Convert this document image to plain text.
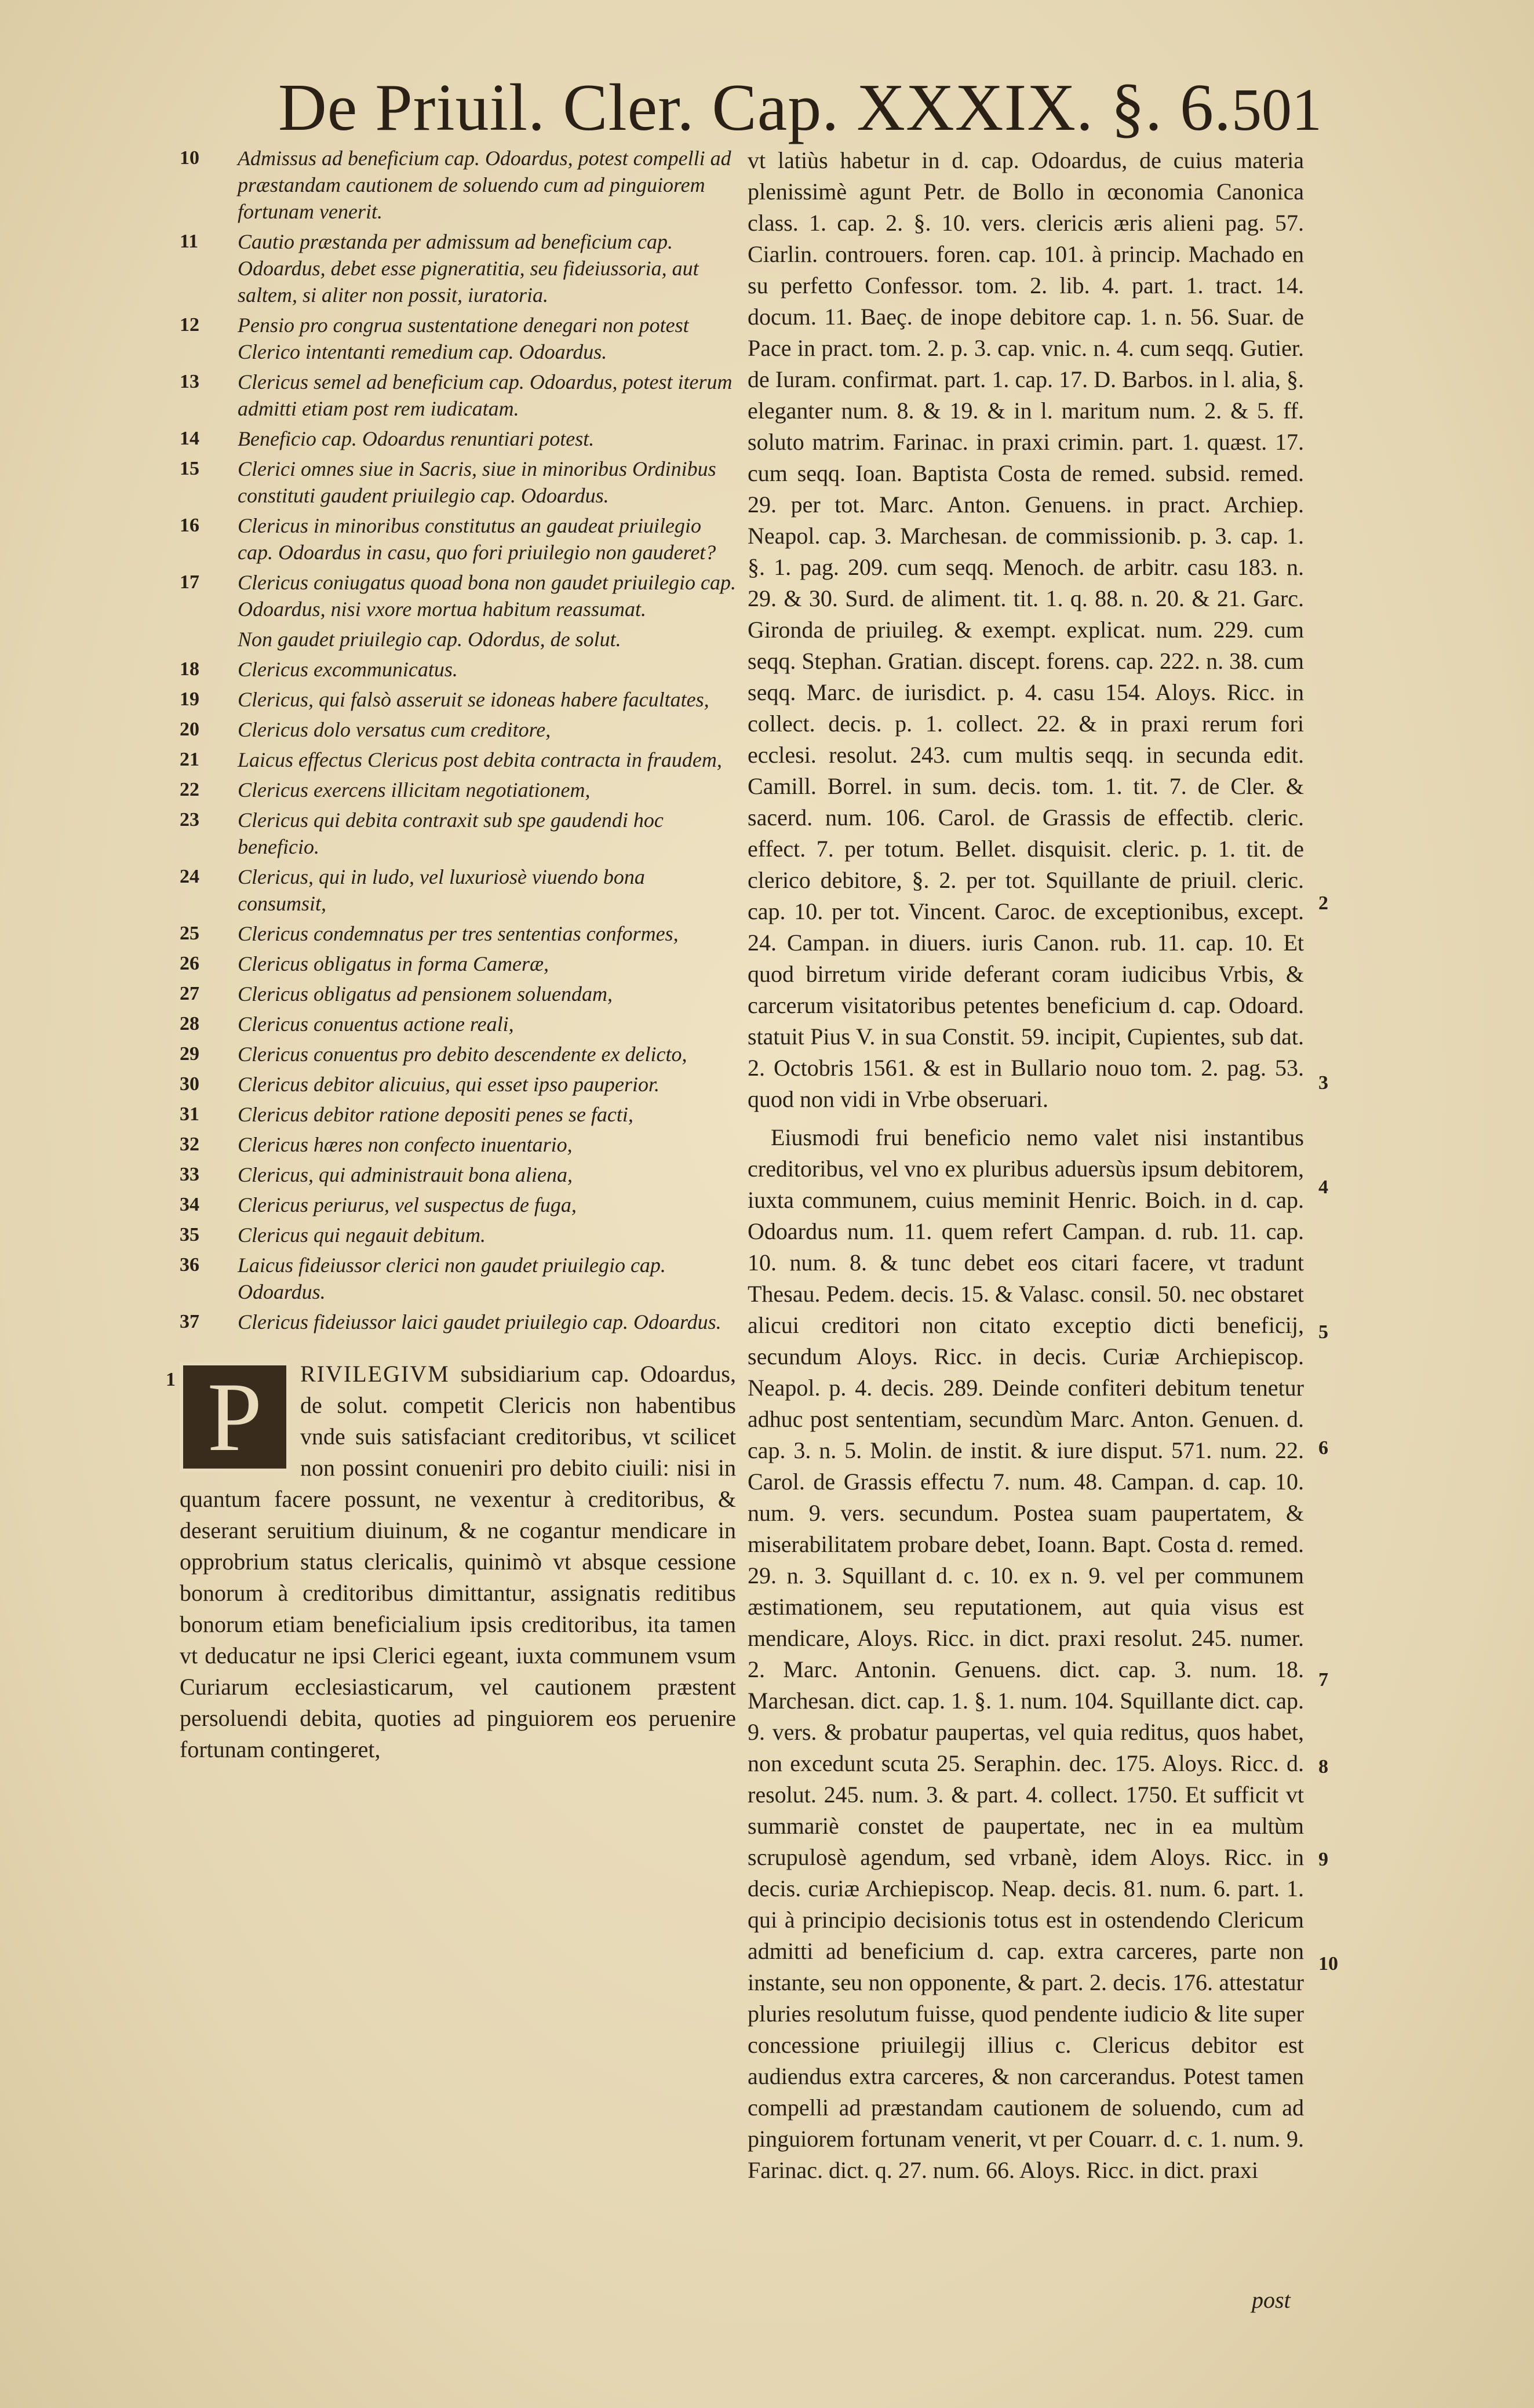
De Priuil. Cler. Cap. XXXIX. §. 6. 501
10	Admissus ad beneficium cap. Odoardus, potest compelli ad præstandam cautionem de soluendo cum ad pinguiorem fortunam venerit.
11	Cautio præstanda per admissum ad beneficium cap. Odoardus, debet esse pigneratitia, seu fideiussoria, aut saltem, si aliter non possit, iuratoria.
12	Pensio pro congrua sustentatione denegari non potest Clerico intentanti remedium cap. Odoardus.
13	Clericus semel ad beneficium cap. Odoardus, potest iterum admitti etiam post rem iudicatam.
14	Beneficio cap. Odoardus renuntiari potest.
15	Clerici omnes siue in Sacris, siue in minoribus Ordinibus constituti gaudent priuilegio cap. Odoardus.
16	Clericus in minoribus constitutus an gaudeat priuilegio cap. Odoardus in casu, quo fori priuilegio non gauderet?
17	Clericus coniugatus quoad bona non gaudet priuilegio cap. Odoardus, nisi vxore mortua habitum reassumat.
Non gaudet priuilegio cap. Odordus, de solut.
18	Clericus excommunicatus.
19	Clericus, qui falsò asseruit se idoneas habere facultates,
20	Clericus dolo versatus cum creditore,
21	Laicus effectus Clericus post debita contracta in fraudem,
22	Clericus exercens illicitam negotiationem,
23	Clericus qui debita contraxit sub spe gaudendi hoc beneficio.
24	Clericus, qui in ludo, vel luxuriosè viuendo bona consumsit,
25	Clericus condemnatus per tres sententias conformes,
26	Clericus obligatus in forma Cameræ,
27	Clericus obligatus ad pensionem soluendam,
28	Clericus conuentus actione reali,
29	Clericus conuentus pro debito descendente ex delicto,
30	Clericus debitor alicuius, qui esset ipso pauperior.
31	Clericus debitor ratione depositi penes se facti,
32	Clericus hæres non confecto inuentario,
33	Clericus, qui administrauit bona aliena,
34	Clericus periurus, vel suspectus de fuga,
35	Clericus qui negauit debitum.
36	Laicus fideiussor clerici non gaudet priuilegio cap. Odoardus.
37	Clericus fideiussor laici gaudet priuilegio cap. Odoardus.
1 P	RIVILEGIVM subsidiarium cap. Odoardus, de solut. competit Clericis non habentibus vnde suis satisfaciant creditoribus, vt scilicet non possint conueniri pro debito ciuili: nisi in quantum facere possunt, ne vexentur à creditoribus, & deserant seruitium diuinum, & ne cogantur mendicare in opprobrium status clericalis, quinimò vt absque cessione bonorum à creditoribus dimittantur, assignatis reditibus bonorum etiam beneficialium ipsis creditoribus, ita tamen vt deducatur ne ipsi Clerici egeant, iuxta communem vsum Curiarum ecclesiasticarum, vel cautionem præstent persoluendi debita, quoties ad pinguiorem eos peruenire fortunam contingeret,

vt latiùs habetur in d. cap. Odoardus, de cuius materia plenissimè agunt Petr. de Bollo in œconomia Canonica class. 1. cap. 2. §. 10. vers. clericis æris alieni pag. 57. Ciarlin. controuers. foren. cap. 101. à princip. Machado en su perfetto Confessor. tom. 2. lib. 4. part. 1. tract. 14. docum. 11. Baeç. de inope debitore cap. 1. n. 56. Suar. de Pace in pract. tom. 2. p. 3. cap. vnic. n. 4. cum seqq. Gutier. de Iuram. confirmat. part. 1. cap. 17. D. Barbos. in l. alia, §. eleganter num. 8. & 19. & in l. maritum num. 2. & 5. ff. soluto matrim. Farinac. in praxi crimin. part. 1. quæst. 17. cum seqq. Ioan. Baptista Costa de remed. subsid. remed. 29. per tot. Marc. Anton. Genuens. in pract. Archiep. Neapol. cap. 3. Marchesan. de commissionib. p. 3. cap. 1. §. 1. pag. 209. cum seqq. Menoch. de arbitr. casu 183. n. 29. & 30. Surd. de aliment. tit. 1. q. 88. n. 20. & 21. Garc. Gironda de priuileg. & exempt. explicat. num. 229. cum seqq. Stephan. Gratian. discept. forens. cap. 222. n. 38. cum seqq. Marc. de iurisdict. p. 4. casu 154. Aloys. Ricc. in collect. decis. p. 1. collect. 22. & in praxi rerum fori ecclesi. resolut. 243. cum multis seqq. in secunda edit. Camill. Borrel. in sum. decis. tom. 1. tit. 7. de Cler. & sacerd. num. 106. Carol. de Grassis de effectib. cleric. effect. 7. per totum. Bellet. disquisit. cleric. p. 1. tit. de clerico debitore, §. 2. per tot. Squillante de priuil. cleric. cap. 10. per tot. Vincent. Caroc. de exceptionibus, except. 24. Campan. in diuers. iuris Canon. rub. 11. cap. 10. Et quod birretum viride deferant coram iudicibus Vrbis, & carcerum visitatoribus petentes beneficium d. cap. Odoard. statuit Pius V. in sua Constit. 59. incipit, Cupientes, sub dat. 2. Octobris 1561. & est in Bullario nouo tom. 2. pag. 53. quod non vidi in Vrbe obseruari.

Eiusmodi frui beneficio nemo valet nisi instantibus creditoribus, vel vno ex pluribus aduersùs ipsum debitorem, iuxta communem, cuius meminit Henric. Boich. in d. cap. Odoardus num. 11. quem refert Campan. d. rub. 11. cap. 10. num. 8. & tunc debet eos citari facere, vt tradunt Thesau. Pedem. decis. 15. & Valasc. consil. 50. nec obstaret alicui creditori non citato exceptio dicti beneficij, secundum Aloys. Ricc. in decis. Curiæ Archiepiscop. Neapol. p. 4. decis. 289. Deinde confiteri debitum tenetur adhuc post sententiam, secundùm Marc. Anton. Genuen. d. cap. 3. n. 5. Molin. de instit. & iure disput. 571. num. 22. Carol. de Grassis effectu 7. num. 48. Campan. d. cap. 10. num. 9. vers. secundum. Postea suam paupertatem, & miserabilitatem probare debet, Ioann. Bapt. Costa d. remed. 29. n. 3. Squillant d. c. 10. ex n. 9. vel per communem æstimationem, seu reputationem, aut quia visus est mendicare, Aloys. Ricc. in dict. praxi resolut. 245. numer. 2. Marc. Antonin. Genuens. dict. cap. 3. num. 18. Marchesan. dict. cap. 1. §. 1. num. 104. Squillante dict. cap. 9. vers. & probatur paupertas, vel quia reditus, quos habet, non excedunt scuta 25. Seraphin. dec. 175. Aloys. Ricc. d. resolut. 245. num. 3. & part. 4. collect. 1750. Et sufficit vt summariè constet de paupertate, nec in ea multùm scrupulosè agendum, sed vrbanè, idem Aloys. Ricc. in decis. curiæ Archiepiscop. Neap. decis. 81. num. 6. part. 1. qui à principio decisionis totus est in ostendendo Clericum admitti ad beneficium d. cap. extra carceres, parte non instante, seu non opponente, & part. 2. decis. 176. attestatur pluries resolutum fuisse, quod pendente iudicio & lite super concessione priuilegij illius c. Clericus debitor est audiendus extra carceres, & non carcerandus. Potest tamen compelli ad præstandam cautionem de soluendo, cum ad pinguiorem fortunam venerit, vt per Couarr. d. c. 1. num. 9. Farinac. dict. q. 27. num. 66. Aloys. Ricc. in dict. praxi

2
3
4
5
6
7
8
9
10
post
